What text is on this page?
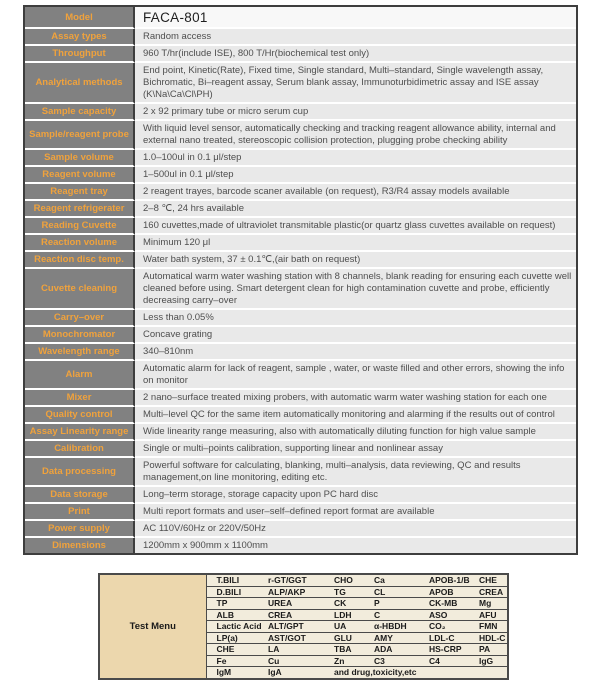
Model	FACA-801
Assay types	Random access
Throughput	960 T/hr(include ISE), 800 T/Hr(biochemical test only)
Analytical methods	End point, Kinetic(Rate), Fixed time, Single standard, Multi–standard, Single wavelength assay, Bichromatic, Bi–reagent assay, Serum blank assay, Immunoturbidimetric assay and ISE assay (K\Na\Ca\Cl\PH)
Sample capacity	2 x 92 primary tube or micro serum cup
Sample/reagent probe	With liquid level sensor, automatically checking and tracking reagent allowance ability, internal and external nano treated, stereoscopic collision protection, plugging probe checking ability
Sample volume	1.0–100ul in 0.1 μl/step
Reagent volume	1–500ul in 0.1 μl/step
Reagent tray	2 reagent trayes, barcode scaner available (on request), R3/R4 assay models available
Reagent refrigerater	2–8 ℃, 24 hrs available
Reading Cuvette	160 cuvettes,made of ultraviolet transmitable plastic(or quartz glass cuvettes available on request)
Reaction volume	Minimum 120 μl
Reaction disc temp.	Water bath system, 37 ± 0.1℃,(air bath on request)
Cuvette cleaning	Automatical warm water washing station with 8 channels, blank reading for ensuring each cuvette well cleaned before using. Smart detergent clean for high contamination cuvette and probe, efficiently decreasing carry–over
Carry–over	Less than 0.05%
Monochromator	Concave grating
Wavelength range	340–810nm
Alarm	Automatic alarm for lack of reagent, sample , water, or waste filled and other errors, showing the info on monitor
Mixer	2 nano–surface treated mixing probers, with automatic warm water washing station for each one
Quality control	Multi–level QC for the same item automatically monitoring and alarming if the results out of control
Assay Linearity range	Wide linearity range measuring, also with automatically diluting function for high value sample
Calibration	Single or multi–points calibration, supporting linear and nonlinear assay
Data processing	Powerful software for calculating, blanking, multi–analysis, data reviewing, QC and results management,on line monitoring, editing etc.
Data storage	Long–term storage, storage capacity upon PC hard disc
Print	Multi report formats and user–self–defined report format are available
Power supply	AC 110V/60Hz or 220V/50Hz
Dimensions	1200mm x 900mm x 1100mm
Test Menu	T.BILI	r-GT/GGT	CHO	Ca	APOB-1/B	CHE
	D.BILI	ALP/AKP	TG	CL	APOB	CREA
	TP	UREA	CK	P	CK-MB	Mg
	ALB	CREA	LDH	C	ASO	AFU
	Lactic Acid	ALT/GPT	UA	α-HBDH	CO₂	FMN
	LP(a)	AST/GOT	GLU	AMY	LDL-C	HDL-C
	CHE	LA	TBA	ADA	HS-CRP	PA
	Fe	Cu	Zn	C3	C4	IgG
	IgM	IgA	and drug,toxicity,etc			
